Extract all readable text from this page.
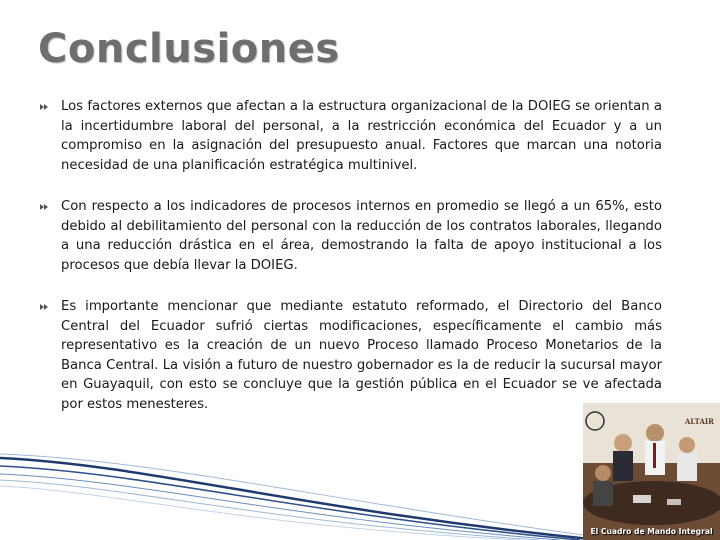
Conclusiones
Los factores externos que afectan a la estructura organizacional de la DOIEG se orientan a la incertidumbre laboral del personal, a la restricción económica del Ecuador y a un compromiso en la asignación del presupuesto anual. Factores que marcan una notoria necesidad de una planificación estratégica multinivel.
Con respecto a los indicadores de procesos internos en promedio se llegó a un 65%, esto debido al debilitamiento del personal con la reducción de los contratos laborales, llegando a una reducción drástica en el área, demostrando la falta de apoyo institucional a los procesos que debía llevar la DOIEG.
Es importante mencionar que mediante estatuto reformado, el Directorio del Banco Central del Ecuador sufrió ciertas modificaciones, específicamente el cambio más representativo es la creación de un nuevo Proceso llamado Proceso Monetarios de la Banca Central. La visión a futuro de nuestro gobernador es la de reducir la sucursal mayor en Guayaquil, con esto se concluye que la gestión pública en el Ecuador se ve afectada por estos menesteres.
ALTAIR
El Cuadro de Mando Integral
